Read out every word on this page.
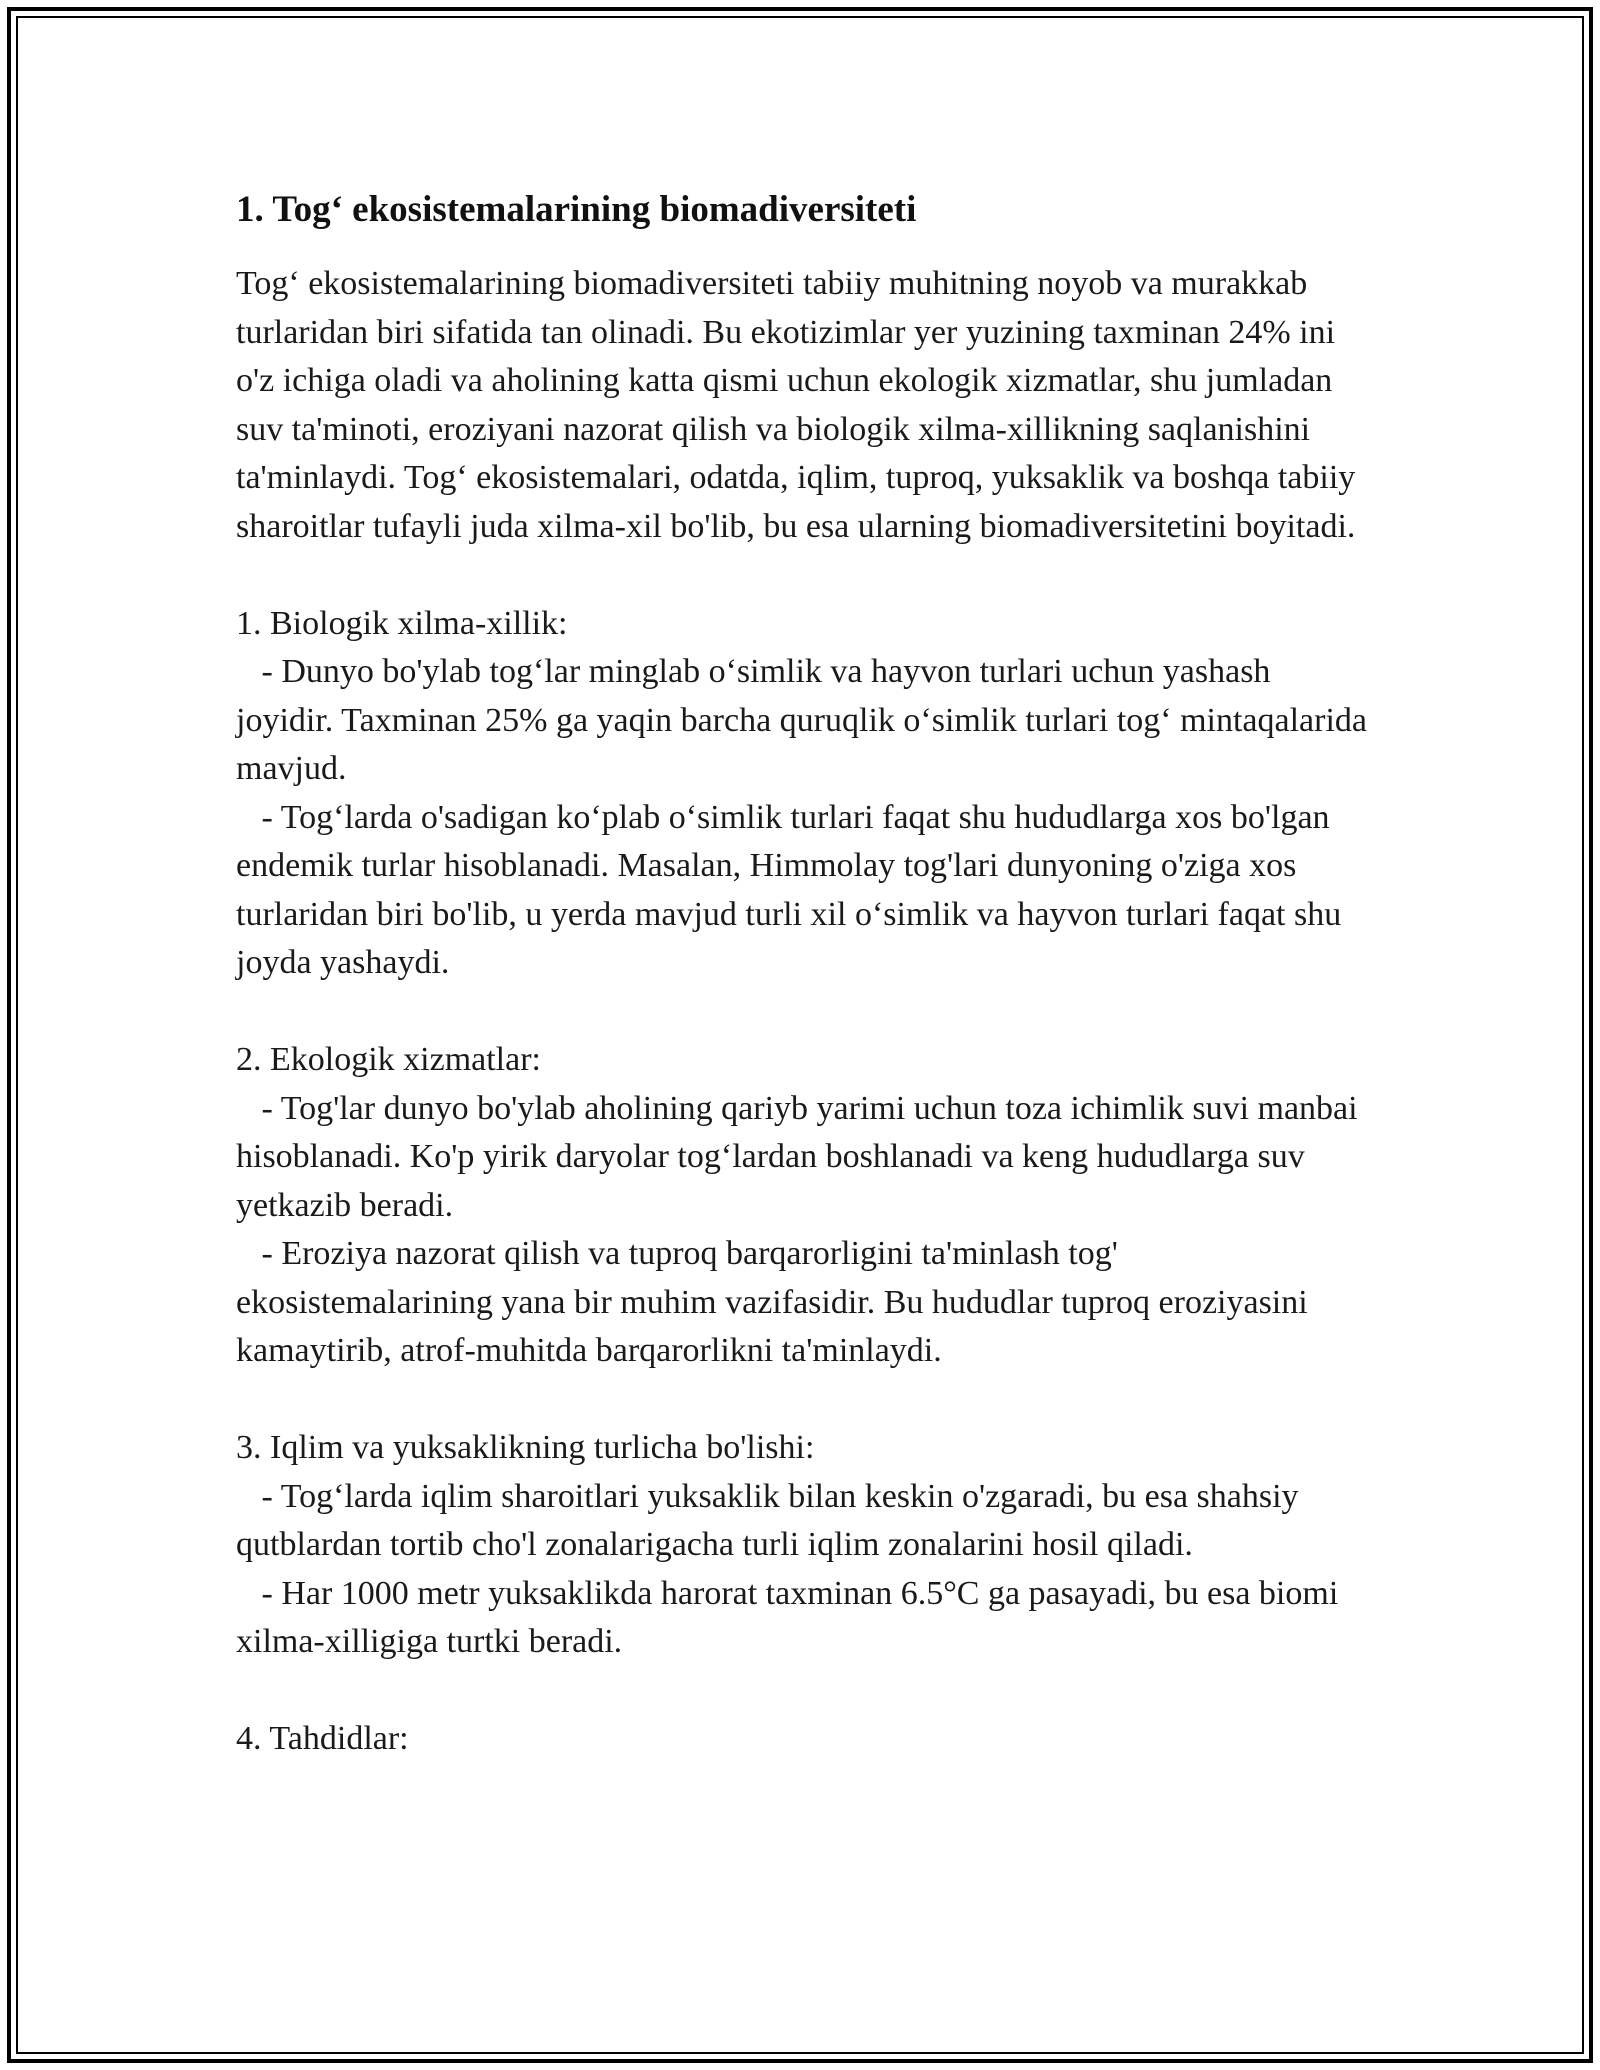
1. Tog‘ ekosistemalarining biomadiversiteti

Tog‘ ekosistemalarining biomadiversiteti tabiiy muhitning noyob va murakkab turlaridan biri sifatida tan olinadi. Bu ekotizimlar yer yuzining taxminan 24% ini o'z ichiga oladi va aholining katta qismi uchun ekologik xizmatlar, shu jumladan suv ta'minoti, eroziyani nazorat qilish va biologik xilma-xillikning saqlanishini ta'minlaydi. Tog‘ ekosistemalari, odatda, iqlim, tuproq, yuksaklik va boshqa tabiiy sharoitlar tufayli juda xilma-xil bo'lib, bu esa ularning biomadiversitetini boyitadi.

1. Biologik xilma-xillik:

- Dunyo bo'ylab tog‘lar minglab o‘simlik va hayvon turlari uchun yashash joyidir. Taxminan 25% ga yaqin barcha quruqlik o‘simlik turlari tog‘ mintaqalarida mavjud.

- Tog‘larda o'sadigan ko‘plab o‘simlik turlari faqat shu hududlarga xos bo'lgan endemik turlar hisoblanadi. Masalan, Himmolay tog'lari dunyoning o'ziga xos turlaridan biri bo'lib, u yerda mavjud turli xil o‘simlik va hayvon turlari faqat shu joyda yashaydi.

2. Ekologik xizmatlar:

- Tog'lar dunyo bo'ylab aholining qariyb yarimi uchun toza ichimlik suvi manbai hisoblanadi. Ko'p yirik daryolar tog‘lardan boshlanadi va keng hududlarga suv yetkazib beradi.

- Eroziya nazorat qilish va tuproq barqarorligini ta'minlash tog' ekosistemalarining yana bir muhim vazifasidir. Bu hududlar tuproq eroziyasini kamaytirib, atrof-muhitda barqarorlikni ta'minlaydi.

3. Iqlim va yuksaklikning turlicha bo'lishi:

- Tog‘larda iqlim sharoitlari yuksaklik bilan keskin o'zgaradi, bu esa shahsiy qutblardan tortib cho'l zonalarigacha turli iqlim zonalarini hosil qiladi.

- Har 1000 metr yuksaklikda harorat taxminan 6.5°C ga pasayadi, bu esa biomi xilma-xilligiga turtki beradi.

4. Tahdidlar:
